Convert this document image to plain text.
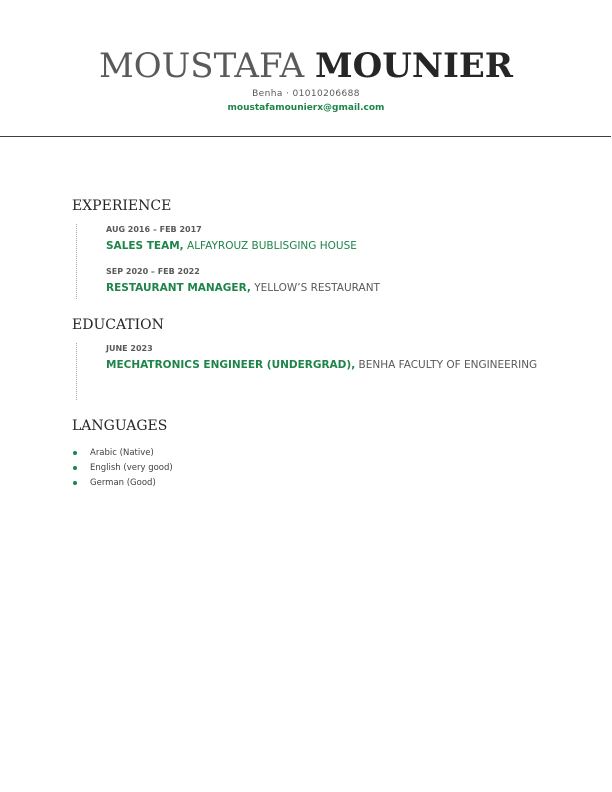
MOUSTAFA MOUNIER
Benha · 01010206688
moustafamounierx@gmail.com
EXPERIENCE
AUG 2016 – FEB 2017
SALES TEAM, ALFAYROUZ BUBLISGING HOUSE
SEP 2020 – FEB 2022
RESTAURANT MANAGER, YELLOW’S RESTAURANT
EDUCATION
JUNE 2023
MECHATRONICS ENGINEER (UNDERGRAD), BENHA FACULTY OF ENGINEERING
LANGUAGES
Arabic (Native)
English (very good)
German (Good)
